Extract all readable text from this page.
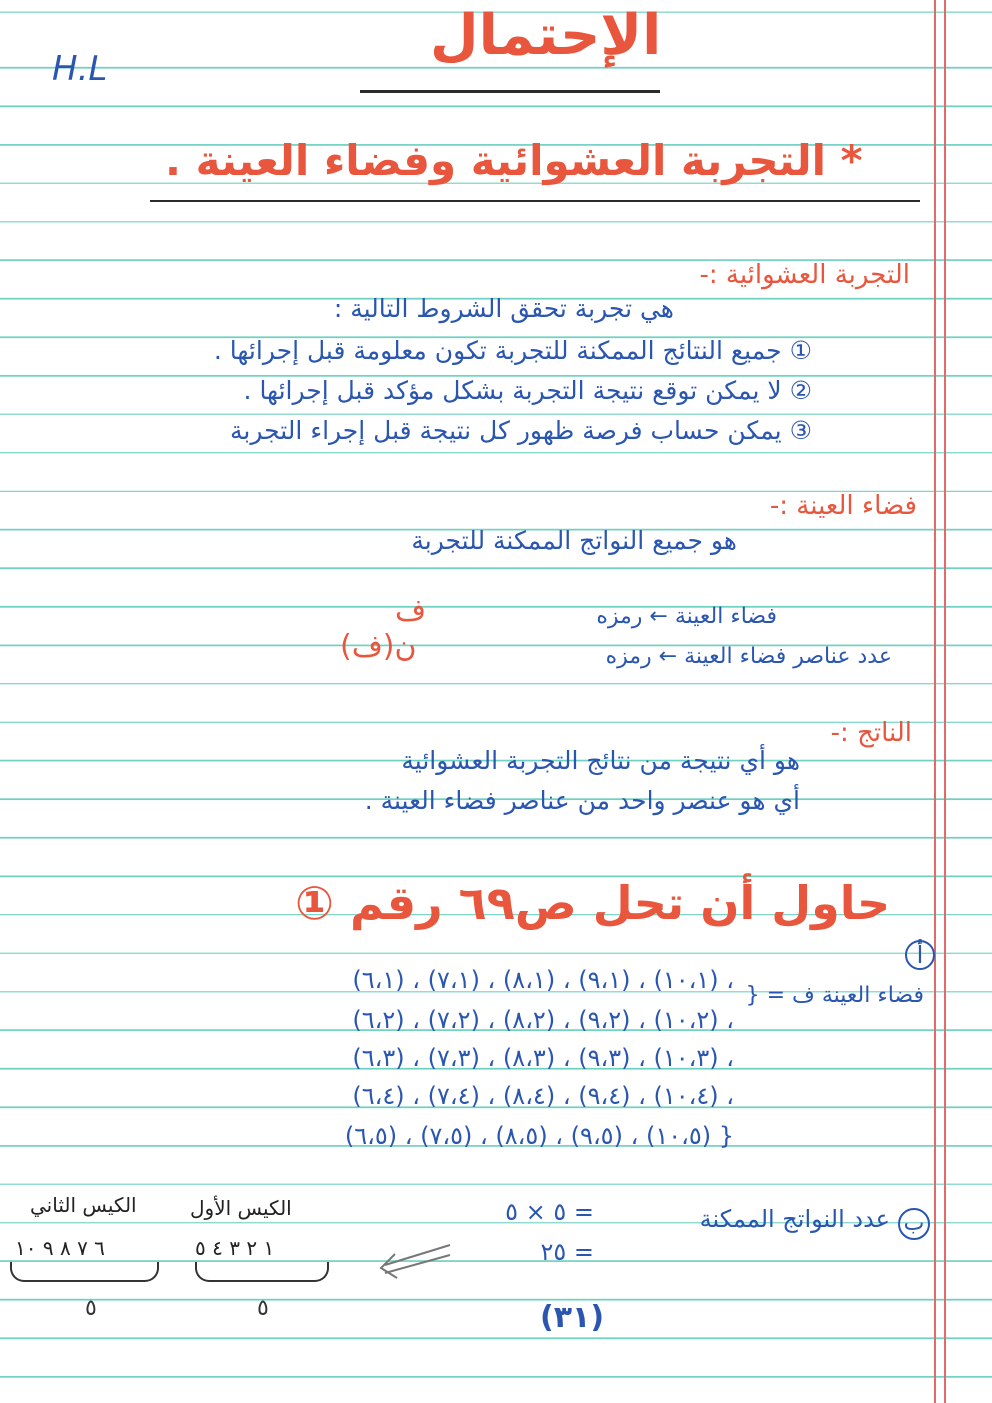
الإحتمال
H.L
* التجربة العشوائية وفضاء العينة .
التجربة العشوائية :-
هي تجربة تحقق الشروط التالية :
① جميع النتائج الممكنة للتجربة تكون معلومة قبل إجرائها .
② لا يمكن توقع نتيجة التجربة بشكل مؤكد قبل إجرائها .
③ يمكن حساب فرصة ظهور كل نتيجة قبل إجراء التجربة
فضاء العينة :-
هو جميع النواتج الممكنة للتجربة
فضاء العينة ← رمزه
ف
عدد عناصر فضاء العينة ← رمزه
ن(ف)
الناتج :-
هو أي نتيجة من نتائج التجربة العشوائية
أي هو عنصر واحد من عناصر فضاء العينة .
حاول أن تحل ص٦٩ رقم ①
أ
فضاء العينة ف = {
(٦،١) ، (٧،١) ، (٨،١) ، (٩،١) ، (١٠،١) ،
(٦،٢) ، (٧،٢) ، (٨،٢) ، (٩،٢) ، (١٠،٢) ،
(٦،٣) ، (٧،٣) ، (٨،٣) ، (٩،٣) ، (١٠،٣) ،
(٦،٤) ، (٧،٤) ، (٨،٤) ، (٩،٤) ، (١٠،٤) ،
(٦،٥) ، (٧،٥) ، (٨،٥) ، (٩،٥) ، (١٠،٥) }
ب
عدد النواتج الممكنة
= ٥ × ٥
= ٢٥
الكيس الأول
الكيس الثاني
١ ٢ ٣ ٤ ٥
٦ ٧ ٨ ٩ ١٠
٥
٥	(٣١)
